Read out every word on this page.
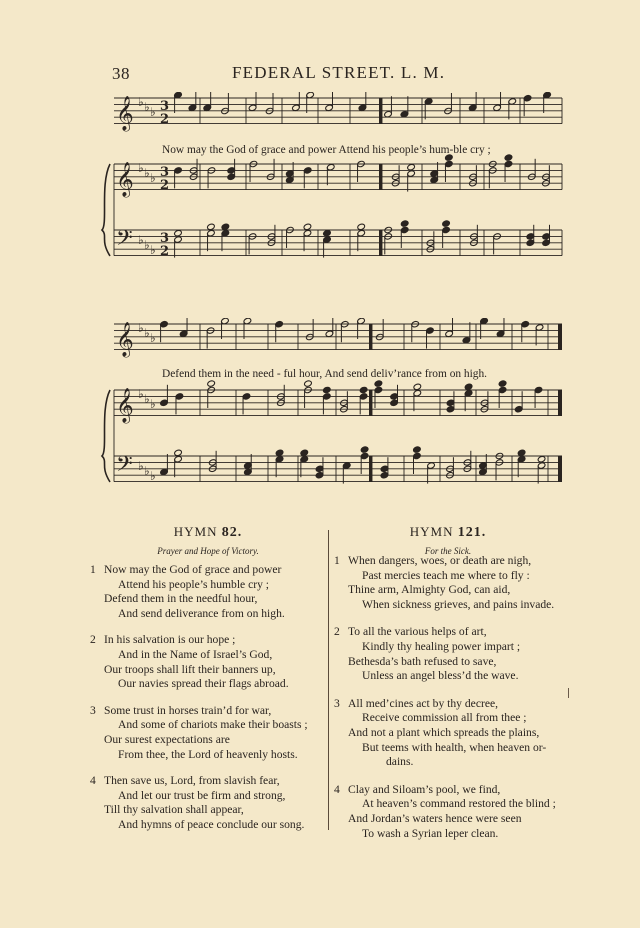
38	FEDERAL STREET. L. M.
𝄞
𝄞
𝄢
♭ ♭ ♭
♭ ♭ ♭
♭ ♭ ♭
3
2
3
2
3
2
Now may the God of grace and power Attend his people’s hum-ble cry ;
𝄞
𝄞
𝄢
♭ ♭ ♭
♭ ♭ ♭
♭ ♭ ♭
Defend them in the need - ful hour, And send deliv’rance from on high.
HYMN 82.
Prayer and Hope of Victory.
1 Now may the God of grace and power
Attend his people’s humble cry ;
Defend them in the needful hour,
And send deliverance from on high.
2 In his salvation is our hope ;
And in the Name of Israel’s God,
Our troops shall lift their banners up,
Our navies spread their flags abroad.
3 Some trust in horses train’d for war,
And some of chariots make their boasts ;
Our surest expectations are
From thee, the Lord of heavenly hosts.
4 Then save us, Lord, from slavish fear,
And let our trust be firm and strong,
Till thy salvation shall appear,
And hymns of peace conclude our song.
HYMN 121.
For the Sick.
1 When dangers, woes, or death are nigh,
Past mercies teach me where to fly :
Thine arm, Almighty God, can aid,
When sickness grieves, and pains invade.
2 To all the various helps of art,
Kindly thy healing power impart ;
Bethesda’s bath refused to save,
Unless an angel bless’d the wave.
3 All med’cines act by thy decree,
Receive commission all from thee ;
And not a plant which spreads the plains,
But teems with health, when heaven or-
dains.
4 Clay and Siloam’s pool, we find,
At heaven’s command restored the blind ;
And Jordan’s waters hence were seen
To wash a Syrian leper clean.
